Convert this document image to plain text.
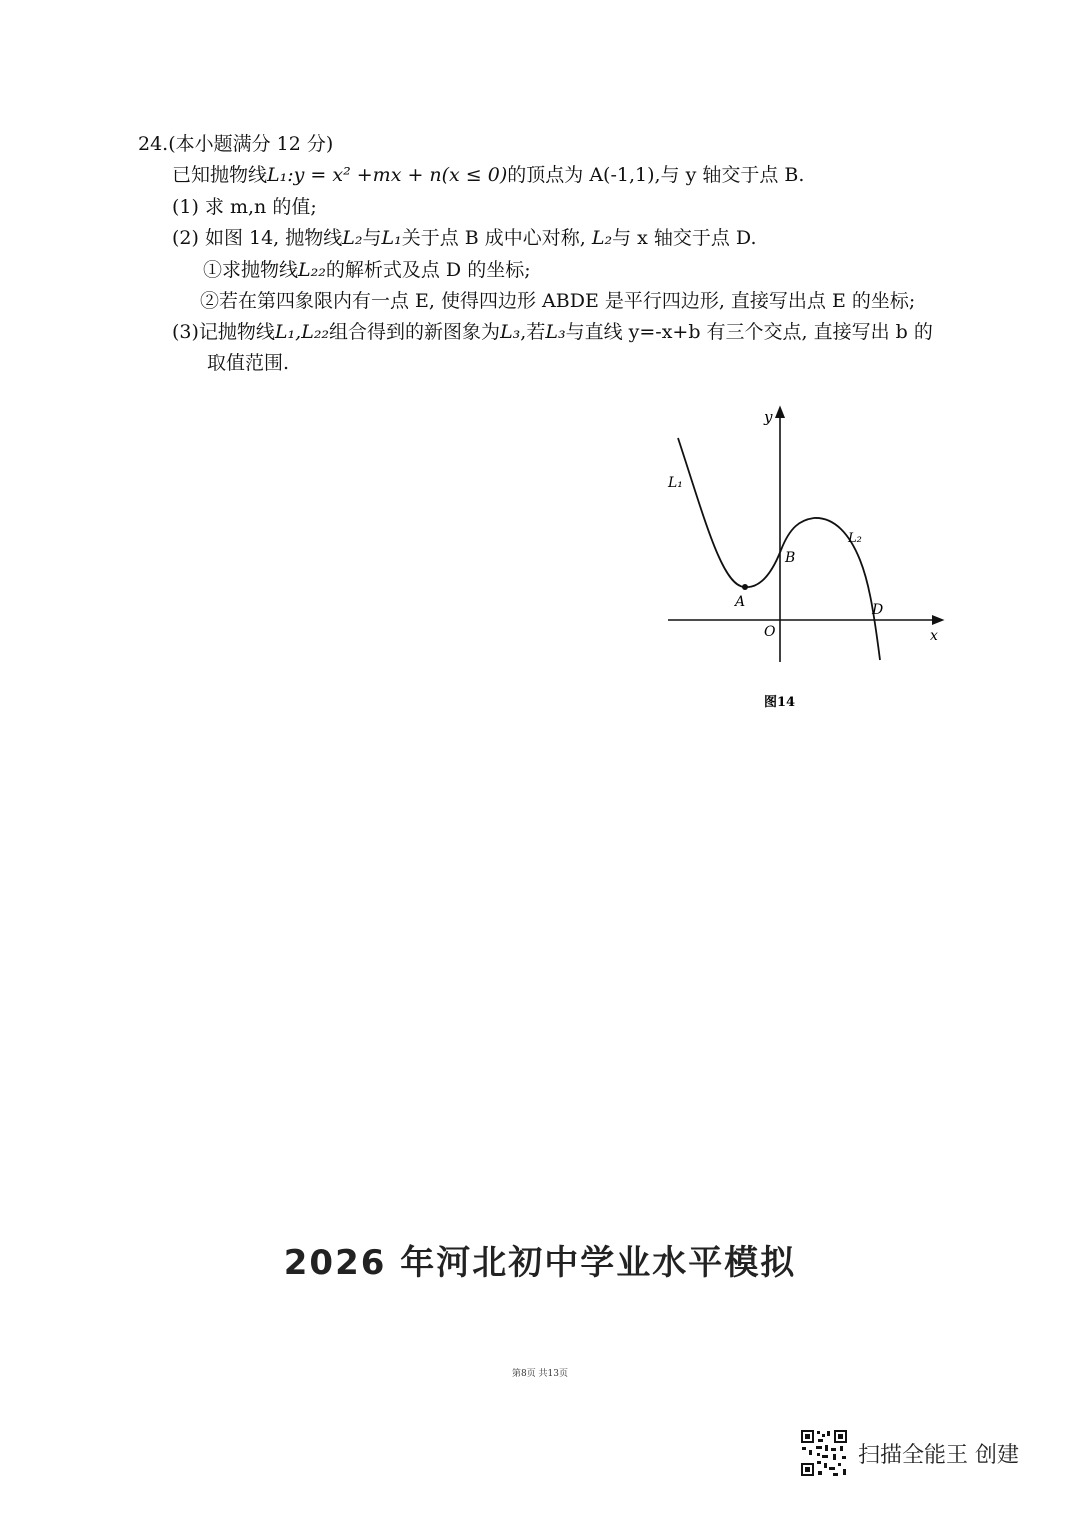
24.(本小题满分 12 分)
已知抛物线L₁:y = x² +mx + n(x ≤ 0)的顶点为 A(-1,1),与 y 轴交于点 B.
(1) 求 m,n 的值;
(2) 如图 14, 抛物线L₂与L₁关于点 B 成中心对称, L₂与 x 轴交于点 D.
①求抛物线L₂₂的解析式及点 D 的坐标;
②若在第四象限内有一点 E, 使得四边形 ABDE 是平行四边形, 直接写出点 E 的坐标;
(3)记抛物线L₁,L₂₂组合得到的新图象为L₃,若L₃与直线 y=-x+b 有三个交点, 直接写出 b 的
取值范围.
y
x
O
A
B
D
L₁
L₂
图14
2026 年河北初中学业水平模拟
第8页 共13页
扫描全能王 创建
